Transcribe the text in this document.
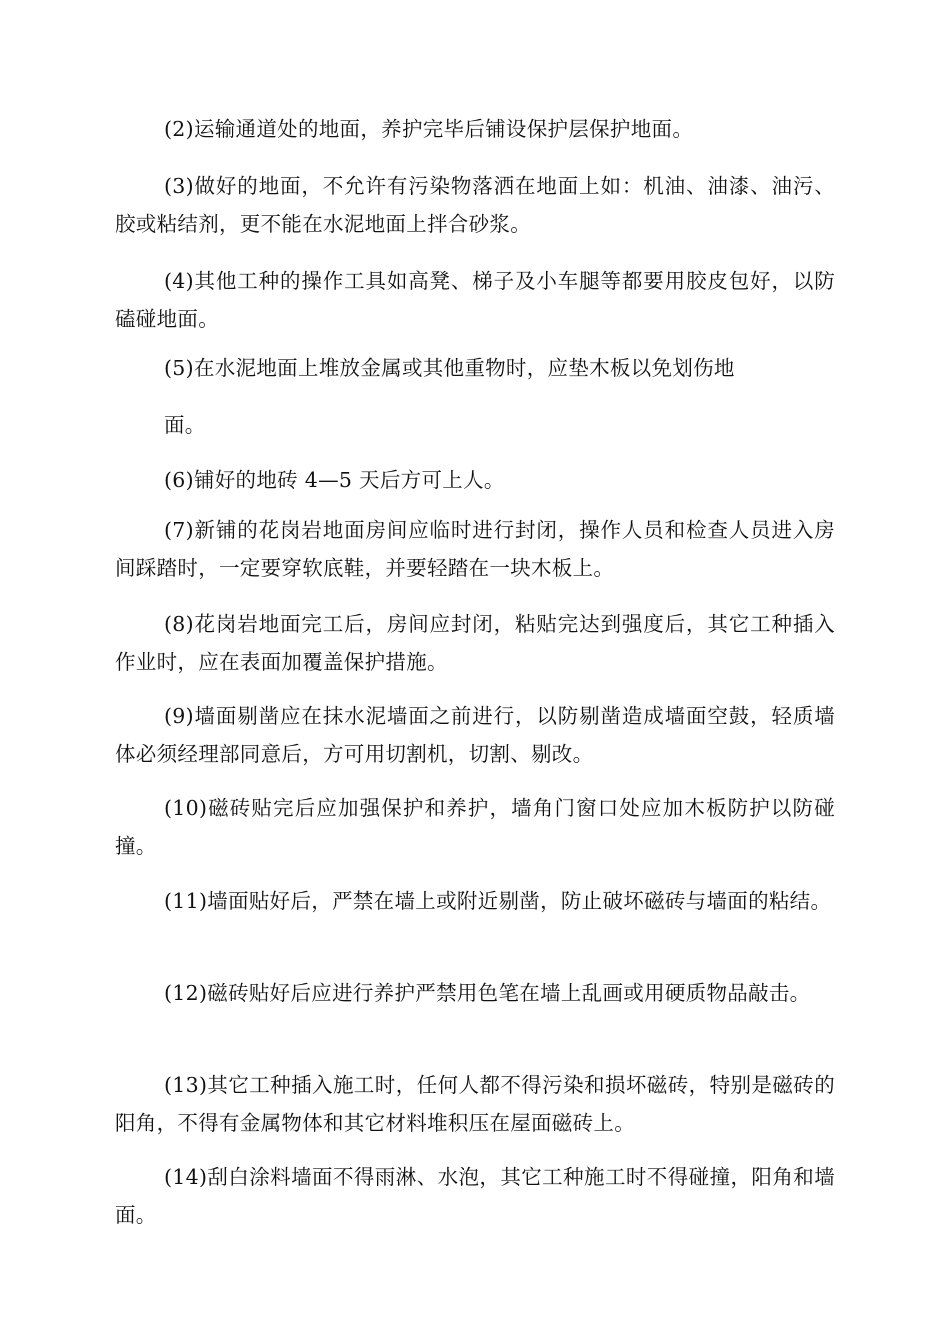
(2)运输通道处的地面，养护完毕后铺设保护层保护地面。

(3)做好的地面，不允许有污染物落洒在地面上如：机油、油漆、油污、胶或粘结剂，更不能在水泥地面上拌合砂浆。

(4)其他工种的操作工具如高凳、梯子及小车腿等都要用胶皮包好，以防磕碰地面。

(5)在水泥地面上堆放金属或其他重物时，应垫木板以免划伤地

面。

(6)铺好的地砖 4—5 天后方可上人。

(7)新铺的花岗岩地面房间应临时进行封闭，操作人员和检查人员进入房间踩踏时，一定要穿软底鞋，并要轻踏在一块木板上。

(8)花岗岩地面完工后，房间应封闭，粘贴完达到强度后，其它工种插入作业时，应在表面加覆盖保护措施。

(9)墙面剔凿应在抹水泥墙面之前进行，以防剔凿造成墙面空鼓，轻质墙体必须经理部同意后，方可用切割机，切割、剔改。

(10)磁砖贴完后应加强保护和养护，墙角门窗口处应加木板防护以防碰撞。

(11)墙面贴好后，严禁在墙上或附近剔凿，防止破坏磁砖与墙面的粘结。

(12)磁砖贴好后应进行养护严禁用色笔在墙上乱画或用硬质物品敲击。

(13)其它工种插入施工时，任何人都不得污染和损坏磁砖，特别是磁砖的阳角，不得有金属物体和其它材料堆积压在屋面磁砖上。

(14)刮白涂料墙面不得雨淋、水泡，其它工种施工时不得碰撞，阳角和墙面。
